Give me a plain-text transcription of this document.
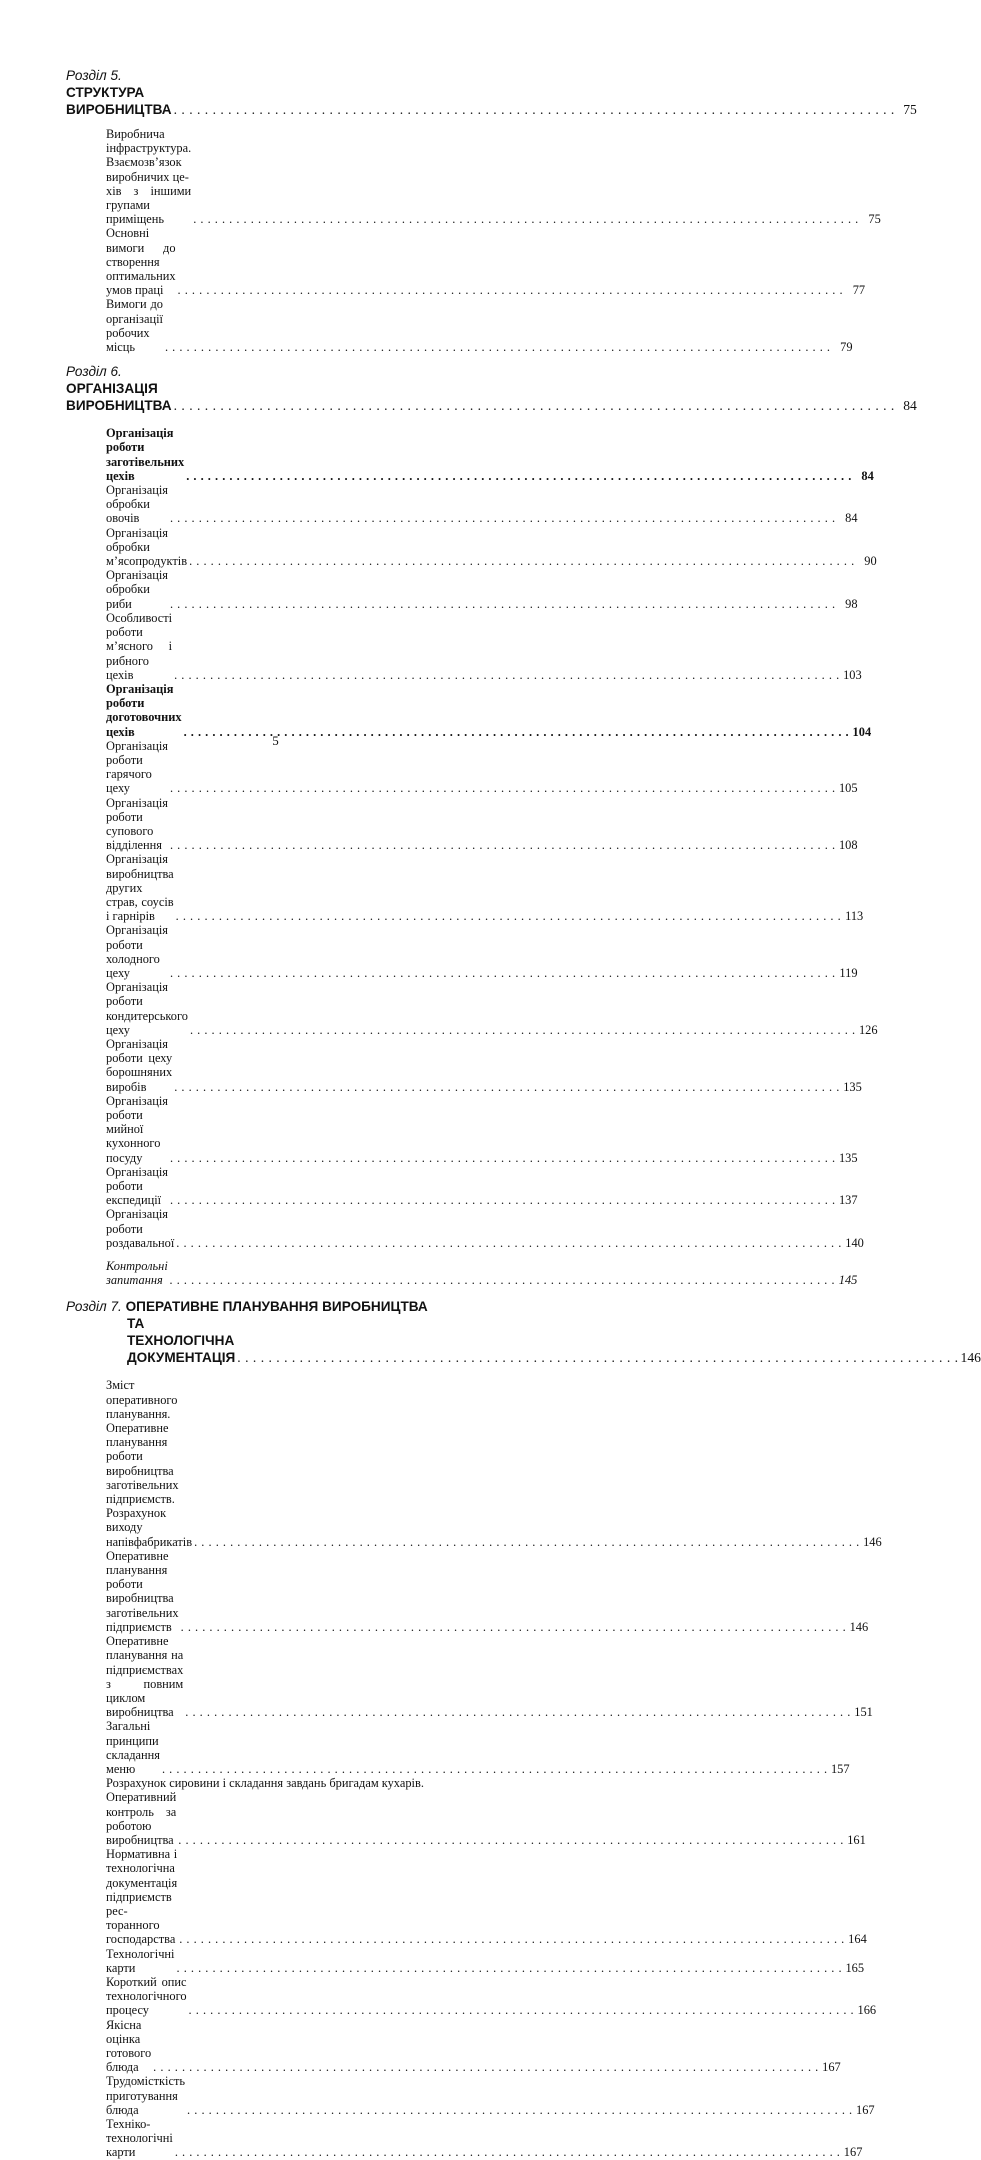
Розділ 5. СТРУКТУРА ВИРОБНИЦТВА . . .	75
Виробнича інфраструктура. Взаємозв’язок виробничих це-
хів з іншими групами приміщень . . .	75
Основні вимоги до створення оптимальних умов праці . . .	77
Вимоги до організації робочих місць . . .	79
Розділ 6. ОРГАНІЗАЦІЯ ВИРОБНИЦТВА . . .	84
Організація роботи заготівельних цехів . . .	84
Організація обробки овочів . . .	84
Організація обробки м’ясопродуктів . . .	90
Організація обробки риби . . .	98
Особливості роботи м’ясного і рибного цехів . . .	103
Організація роботи доготовочних цехів . . .	104
Організація роботи гарячого цеху . . .	105
Організація роботи супового відділення . . .	108
Організація виробництва других страв, соусів і гарнірів . . .	113
Організація роботи холодного цеху . . .	119
Організація роботи кондитерського цеху . . .	126
Організація роботи цеху борошняних виробів . . .	135
Організація роботи мийної кухонного посуду . . .	135
Організація роботи експедиції . . .	137
Організація роботи роздавальної . . .	140
Контрольні запитання . . .	145
Розділ 7. ОПЕРАТИВНЕ ПЛАНУВАННЯ ВИРОБНИЦТВА
ТА ТЕХНОЛОГІЧНА ДОКУМЕНТАЦІЯ . . .	146
Зміст оперативного планування. Оперативне планування
роботи виробництва заготівельних підприємств. Розрахунок
виходу напівфабрикатів . . .	146
Оперативне планування роботи виробництва заготівельних
підприємств . . .	146
Оперативне планування на підприємствах з повним циклом
виробництва . . .	151
Загальні принципи складання меню . . .	157
Розрахунок сировини і складання завдань бригадам кухарів.
Оперативний контроль за роботою виробництва . . .	161
Нормативна і технологічна документація підприємств рес-
торанного господарства . . .	164
Технологічні карти . . .	165
Короткий опис технологічного процесу . . .	166
Якісна оцінка готового блюда . . .	167
Трудомісткість приготування блюда . . .	167
Техніко-технологічні карти . . .	167
5
